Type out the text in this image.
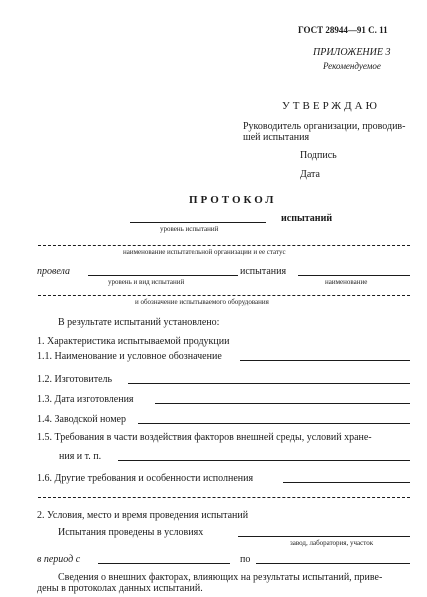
ГОСТ 28944—91 С. 11
ПРИЛОЖЕНИЕ 3
Рекомендуемое
УТВЕРЖДАЮ
Руководитель организации, проводив-
шей испытания
Подпись
Дата
ПРОТОКОЛ
испытаний
уровень испытаний
наименование испытательной организации и ее статус
провела	испытания
уровень и вид испытаний	наименование
и обозначение испытываемого оборудования
В результате испытаний установлено:
1. Характеристика испытываемой продукции
1.1. Наименование и условное обозначение
1.2. Изготовитель
1.3. Дата изготовления
1.4. Заводской номер
1.5. Требования в части воздействия факторов внешней среды, условий хране-
ния и т. п.
1.6. Другие требования и особенности исполнения
2. Условия, место и время проведения испытаний
Испытания проведены в условиях
завод, лаборатория, участок
в период с	по
Сведения о внешних факторах, влияющих на результаты испытаний, приве-
дены в протоколах данных испытаний.
